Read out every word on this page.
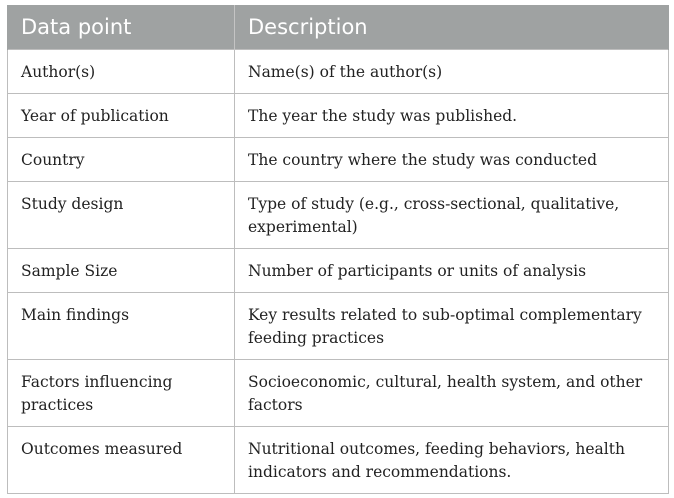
Data point	Description
Author(s)	Name(s) of the author(s)
Year of publication	The year the study was published.
Country	The country where the study was conducted
Study design	Type of study (e.g., cross-sectional, qualitative, experimental)
Sample Size	Number of participants or units of analysis
Main findings	Key results related to sub-optimal complementary feeding practices
Factors influencing practices	Socioeconomic, cultural, health system, and other factors
Outcomes measured	Nutritional outcomes, feeding behaviors, health indicators and recommendations.
